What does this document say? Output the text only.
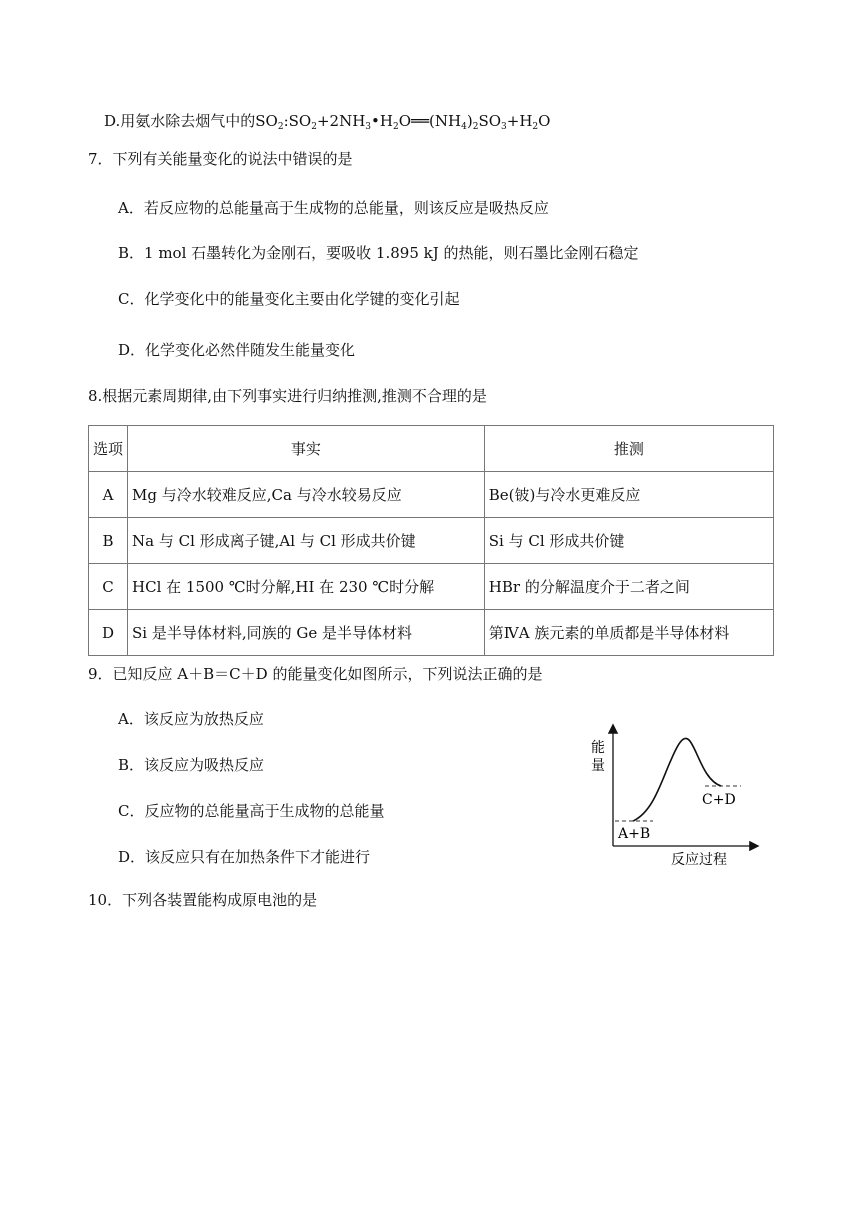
D.用氨水除去烟气中的$SO_2:SO_2+2NH_3•H_2O══(NH_4)_2SO_3+H_2O$
7．下列有关能量变化的说法中错误的是
A．若反应物的总能量高于生成物的总能量，则该反应是吸热反应
B．1 mol 石墨转化为金刚石，要吸收 1.895 kJ 的热能，则石墨比金刚石稳定
C．化学变化中的能量变化主要由化学键的变化引起
D．化学变化必然伴随发生能量变化
8.根据元素周期律,由下列事实进行归纳推测,推测不合理的是
选项	事实	推测
A	Mg 与冷水较难反应,Ca 与冷水较易反应	Be(铍)与冷水更难反应
B	Na 与 Cl 形成离子键,Al 与 Cl 形成共价键	Si 与 Cl 形成共价键
C	HCl 在 1500 ℃时分解,HI 在 230 ℃时分解	HBr 的分解温度介于二者之间
D	Si 是半导体材料,同族的 Ge 是半导体材料	第ⅣA 族元素的单质都是半导体材料
9．已知反应 A＋B＝C＋D 的能量变化如图所示，下列说法正确的是
A．该反应为放热反应
B．该反应为吸热反应
C．反应物的总能量高于生成物的总能量
D．该反应只有在加热条件下才能进行
能
量
C+D
A+B
反应过程
10．下列各装置能构成原电池的是
